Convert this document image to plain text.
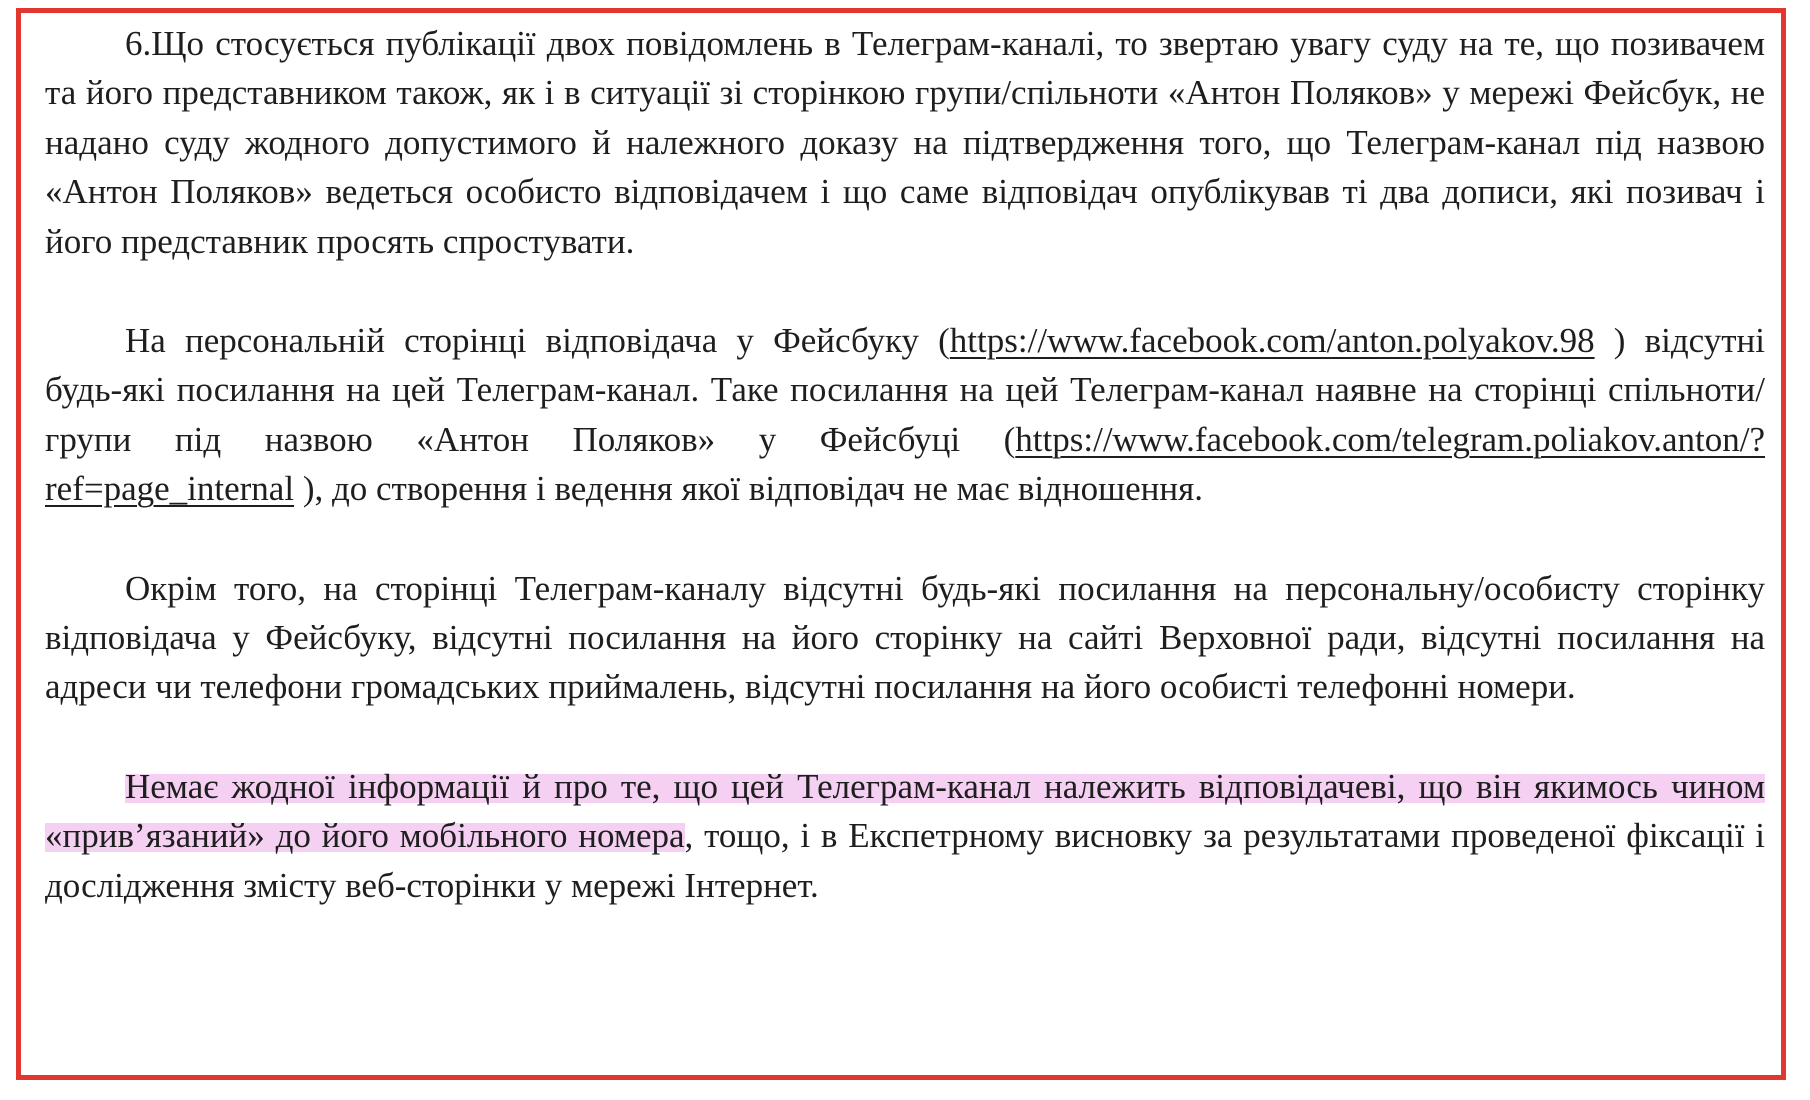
6.Що стосується публікації двох повідомлень в Телеграм-каналі, то звертаю увагу суду на те, що позивачем та його представником також, як і в ситуації зі сторінкою групи/спільноти «Антон Поляков» у мережі Фейсбук, не надано суду жодного допустимого й належного доказу на підтвердження того, що Телеграм-канал під назвою «Антон Поляков» ведеться особисто відповідачем і що саме відповідач опублікував ті два дописи, які позивач і його представник просять спростувати.

На персональній сторінці відповідача у Фейсбуку (https://www.facebook.com/anton.polyakov.98 ) відсутні будь-які посилання на цей Телеграм-канал. Таке посилання на цей Телеграм-канал наявне на сторінці спільноти/групи під назвою «Антон Поляков» у Фейсбуці (https://www.facebook.com/telegram.poliakov.anton/?ref=page_internal ), до створення і ведення якої відповідач не має відношення.

Окрім того, на сторінці Телеграм-каналу відсутні будь-які посилання на персональну/особисту сторінку відповідача у Фейсбуку, відсутні посилання на його сторінку на сайті Верховної ради, відсутні посилання на адреси чи телефони громадських приймалень, відсутні посилання на його особисті телефонні номери.

Немає жодної інформації й про те, що цей Телеграм-канал належить відповідачеві, що він якимось чином «прив’язаний» до його мобільного номера, тощо, і в Експетрному висновку за результатами проведеної фіксації і дослідження змісту веб-сторінки у мережі Інтернет.
